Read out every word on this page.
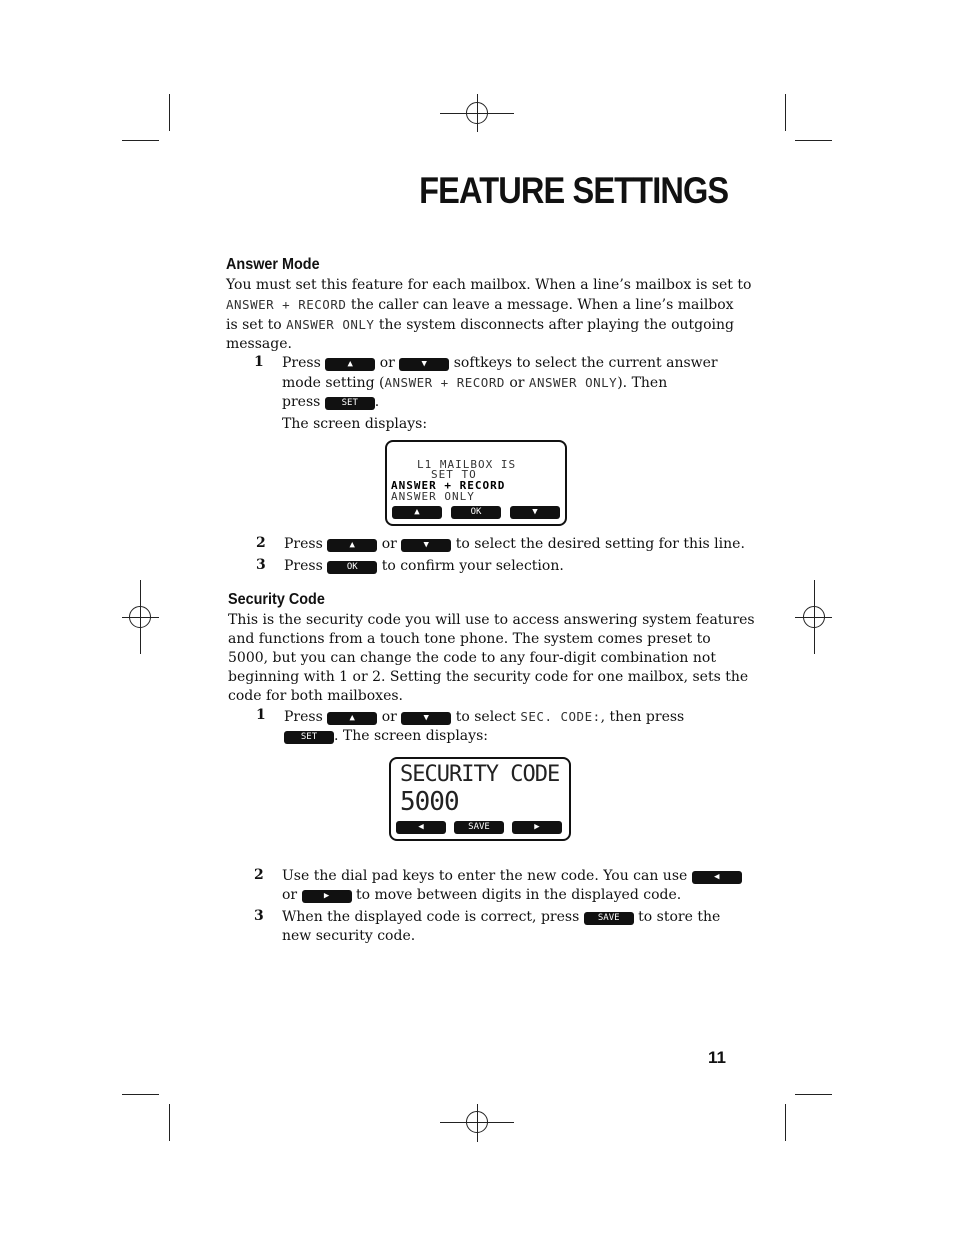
FEATURE SETTINGS
Answer Mode
You must set this feature for each mailbox. When a line’s mailbox is set to
ANSWER + RECORD the caller can leave a message. When a line’s mailbox
is set to ANSWER ONLY the system disconnects after playing the outgoing
message.
1 Press	▲ or	▼ softkeys to select the current answer
mode setting (ANSWER + RECORD or ANSWER ONLY). Then
press SET .
The screen displays:
L1 MAILBOX IS
SET TO
ANSWER + RECORD
ANSWER ONLY
▲	OK	▼
2 Press	▲ or	▼ to select the desired setting for this line.
3 Press	OK to confirm your selection.
Security Code
This is the security code you will use to access answering system features
and functions from a touch tone phone. The system comes preset to
5000, but you can change the code to any four-digit combination not
beginning with 1 or 2. Setting the security code for one mailbox, sets the
code for both mailboxes.
1 Press	▲ or	▼ to select SEC. CODE:, then press
SET . The screen displays:
SECURITY CODE
5000
◀	SAVE	▶
2 Use the dial pad keys to enter the new code. You can use	◀
or	▶ to move between digits in the displayed code.
3 When the displayed code is correct, press SAVE to store the
new security code.
11
